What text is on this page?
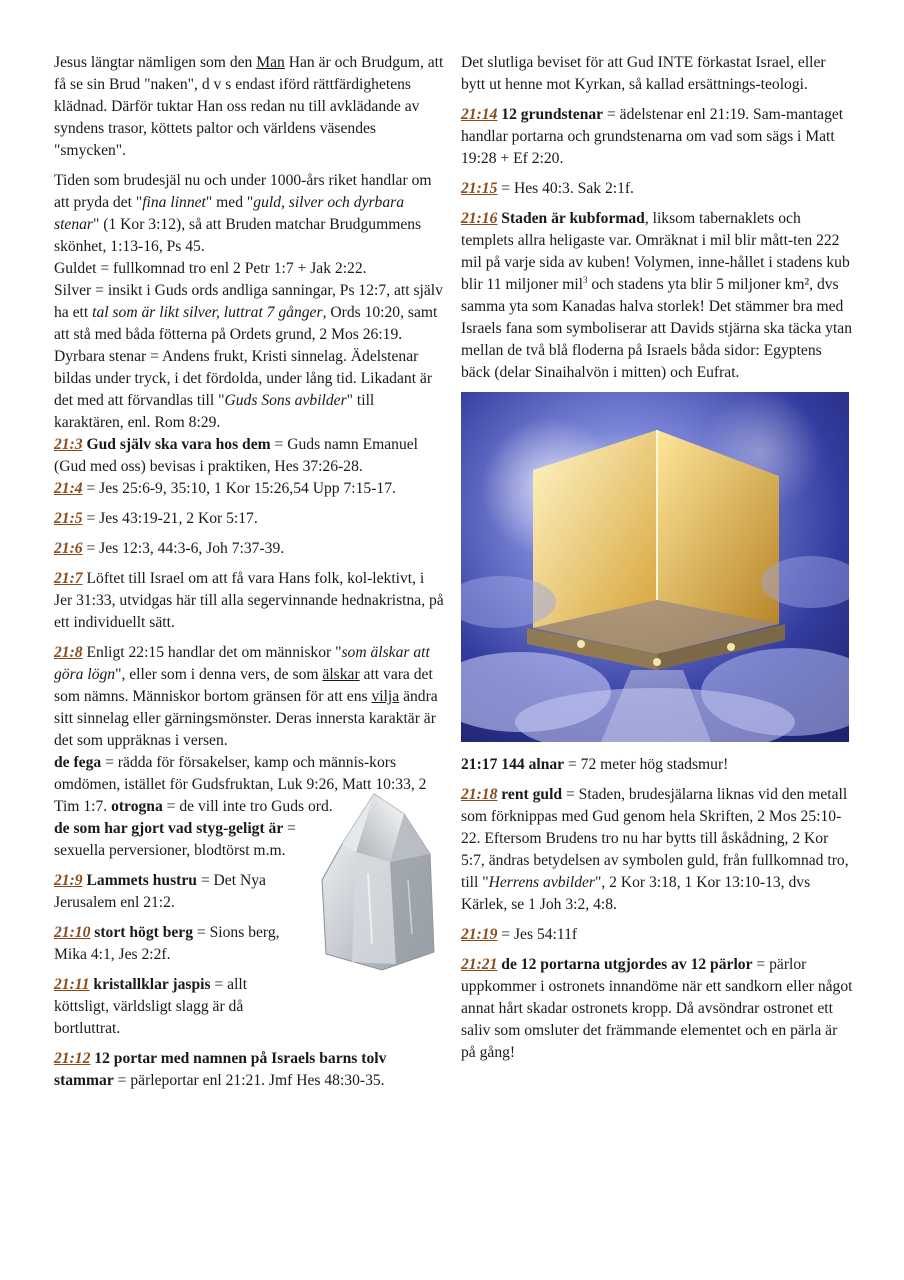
Jesus längtar nämligen som den Man Han är och Brudgum, att få se sin Brud "naken", d v s endast iförd rättfärdighetens klädnad. Därför tuktar Han oss redan nu till avklädande av syndens trasor, köttets paltor och världens väsendes "smycken".

Tiden som brudesjäl nu och under 1000-års riket handlar om att pryda det "fina linnet" med "guld, silver och dyrbara stenar" (1 Kor 3:12), så att Bruden matchar Brudgummens skönhet, 1:13-16, Ps 45.

Guldet = fullkomnad tro enl 2 Petr 1:7 + Jak 2:22.

Silver = insikt i Guds ords andliga sanningar, Ps 12:7, att själv ha ett tal som är likt silver, luttrat 7 gånger, Ords 10:20, samt att stå med båda fötterna på Ordets grund, 2 Mos 26:19.

Dyrbara stenar = Andens frukt, Kristi sinnelag. Ädelstenar bildas under tryck, i det fördolda, under lång tid. Likadant är det med att förvandlas till "Guds Sons avbilder" till karaktären, enl. Rom 8:29.

21:3 Gud själv ska vara hos dem = Guds namn Emanuel (Gud med oss) bevisas i praktiken, Hes 37:26-28.

21:4 = Jes 25:6-9, 35:10, 1 Kor 15:26,54 Upp 7:15-17.

21:5 = Jes 43:19-21, 2 Kor 5:17.

21:6 = Jes 12:3, 44:3-6, Joh 7:37-39.

21:7 Löftet till Israel om att få vara Hans folk, kol-lektivt, i Jer 31:33, utvidgas här till alla segervinnande hednakristna, på ett individuellt sätt.

21:8 Enligt 22:15 handlar det om människor "som älskar att göra lögn", eller som i denna vers, de som älskar att vara det som nämns. Människor bortom gränsen för att ens vilja ändra sitt sinnelag eller gärningsmönster. Deras innersta karaktär är det som uppräknas i versen.

de fega = rädda för försakelser, kamp och männis-kors omdömen, istället för Gudsfruktan, Luk 9:26, Matt 10:33, 2 Tim 1:7. otrogna = de vill inte tro Guds ord.

de som har gjort vad styg-geligt är = sexuella perversioner, blodtörst m.m.

21:9 Lammets hustru = Det Nya Jerusalem enl 21:2.

21:10 stort högt berg = Sions berg, Mika 4:1, Jes 2:2f.

21:11 kristallklar jaspis = allt köttsligt, världsligt slagg är då bortluttrat.

21:12 12 portar med namnen på Israels barns tolv stammar = pärleportar enl 21:21. Jmf Hes 48:30-35.

Det slutliga beviset för att Gud INTE förkastat Israel, eller bytt ut henne mot Kyrkan, så kallad ersättnings-teologi.

21:14 12 grundstenar = ädelstenar enl 21:19. Sam-mantaget handlar portarna och grundstenarna om vad som sägs i Matt 19:28 + Ef 2:20.

21:15 = Hes 40:3. Sak 2:1f.

21:16 Staden är kubformad, liksom tabernaklets och templets allra heligaste var. Omräknat i mil blir mått-ten 222 mil på varje sida av kuben! Volymen, inne-hållet i stadens kub blir 11 miljoner mil$^3$ och stadens yta blir 5 miljoner km², dvs samma yta som Kanadas halva storlek! Det stämmer bra med Israels fana som symboliserar att Davids stjärna ska täcka ytan mellan de två blå floderna på Israels båda sidor: Egyptens bäck (delar Sinaihalvön i mitten) och Eufrat.

21:17 144 alnar = 72 meter hög stadsmur!

21:18 rent guld = Staden, brudesjälarna liknas vid den metall som förknippas med Gud genom hela Skriften, 2 Mos 25:10-22. Eftersom Brudens tro nu har bytts till åskådning, 2 Kor 5:7, ändras betydelsen av symbolen guld, från fullkomnad tro, till "Herrens avbilder", 2 Kor 3:18, 1 Kor 13:10-13, dvs Kärlek, se 1 Joh 3:2, 4:8.

21:19 = Jes 54:11f

21:21 de 12 portarna utgjordes av 12 pärlor = pärlor uppkommer i ostronets innandöme när ett sandkorn eller något annat hårt skadar ostronets kropp. Då avsöndrar ostronet ett saliv som omsluter det främmande elementet och en pärla är på gång!
